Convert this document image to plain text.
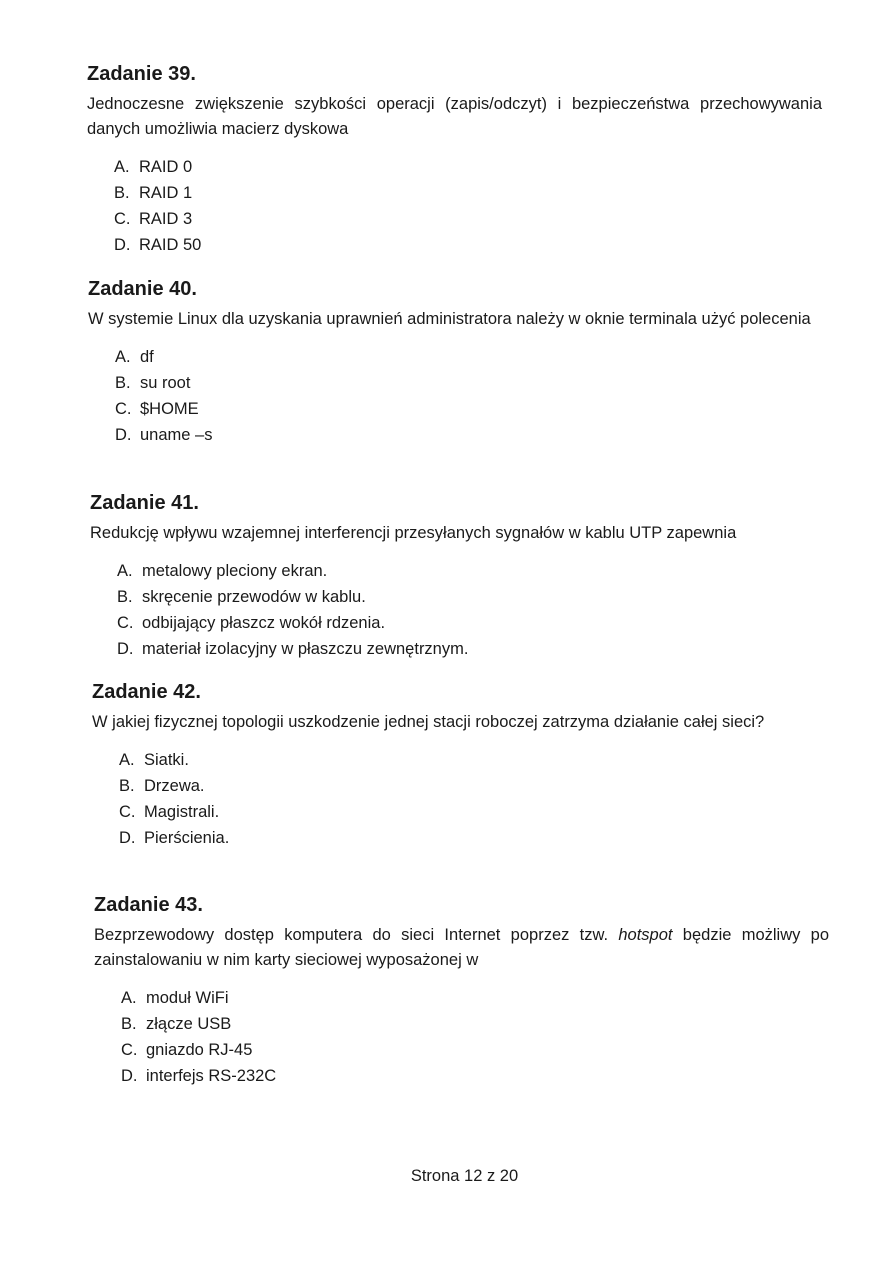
Zadanie 39.

Jednoczesne zwiększenie szybkości operacji (zapis/odczyt) i bezpieczeństwa przechowywania danych umożliwia macierz dyskowa

A. RAID 0
B. RAID 1
C. RAID 3
D. RAID 50
Zadanie 40.

W systemie Linux dla uzyskania uprawnień administratora należy w oknie terminala użyć polecenia

A. df
B. su root
C. $HOME
D. uname –s
Zadanie 41.

Redukcję wpływu wzajemnej interferencji przesyłanych sygnałów w kablu UTP zapewnia

A. metalowy pleciony ekran.
B. skręcenie przewodów w kablu.
C. odbijający płaszcz wokół rdzenia.
D. materiał izolacyjny w płaszczu zewnętrznym.
Zadanie 42.

W jakiej fizycznej topologii uszkodzenie jednej stacji roboczej zatrzyma działanie całej sieci?

A. Siatki.
B. Drzewa.
C. Magistrali.
D. Pierścienia.
Zadanie 43.

Bezprzewodowy dostęp komputera do sieci Internet poprzez tzw. hotspot będzie możliwy po zainstalowaniu w nim karty sieciowej wyposażonej w

A. moduł WiFi
B. złącze USB
C. gniazdo RJ-45
D. interfejs RS-232C
Strona 12 z 20
